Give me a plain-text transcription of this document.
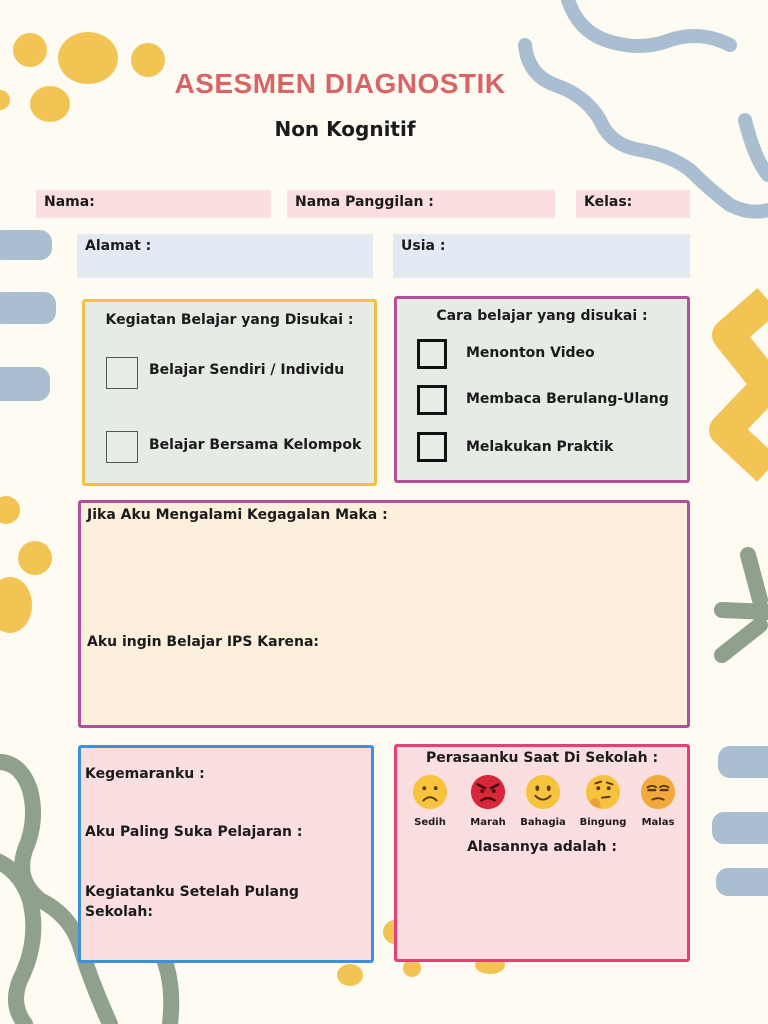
ASESMEN DIAGNOSTIK
Non Kognitif
Nama:	Nama Panggilan :	Kelas:
Alamat :	Usia :
Kegiatan Belajar yang Disukai :
Belajar Sendiri / Individu
Belajar Bersama Kelompok
Cara belajar yang disukai :
Menonton Video
Membaca Berulang-Ulang
Melakukan Praktik
Jika Aku Mengalami Kegagalan Maka :
Aku ingin Belajar IPS Karena:
Kegemaranku :
Aku Paling Suka Pelajaran :
Kegiatanku Setelah Pulang Sekolah:
Perasaanku Saat Di Sekolah :
Sedih	Marah	Bahagia	Bingung	Malas
Alasannya adalah :
